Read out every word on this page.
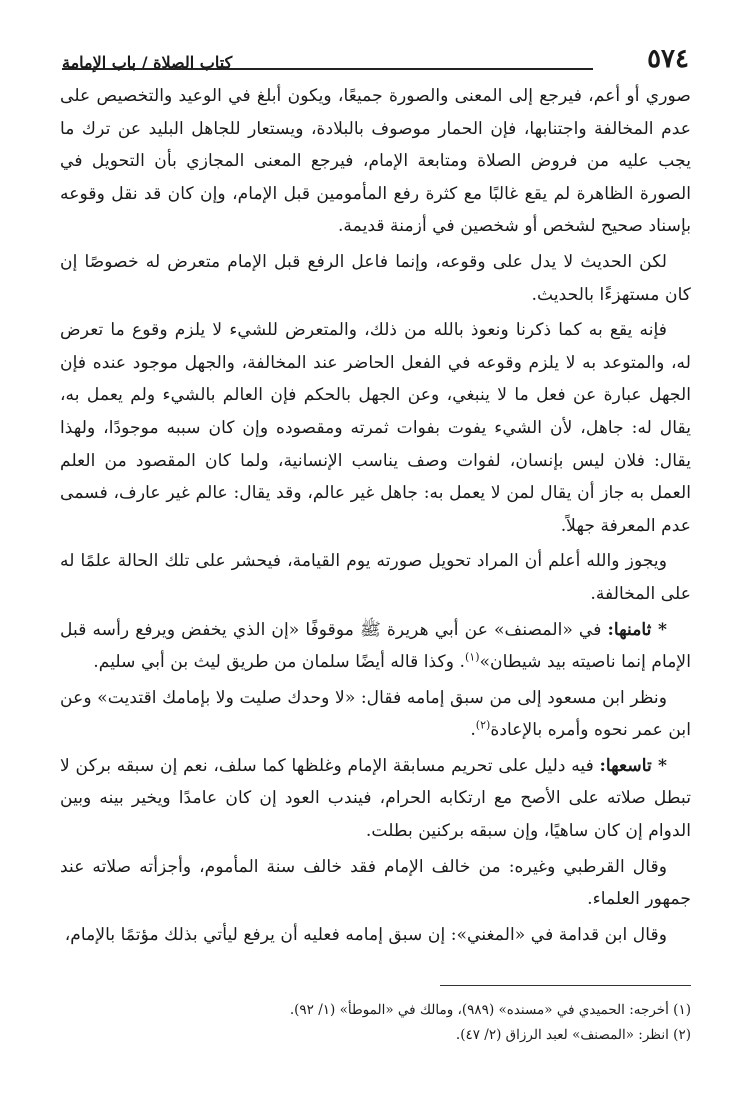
٥٧٤
كتاب الصلاة / باب الإمامة

صوري أو أعم، فيرجع إلى المعنى والصورة جميعًا، ويكون أبلغ في الوعيد والتخصيص على عدم المخالفة واجتنابها، فإن الحمار موصوف بالبلادة، ويستعار للجاهل البليد عن ترك ما يجب عليه من فروض الصلاة ومتابعة الإمام، فيرجع المعنى المجازي بأن التحويل في الصورة الظاهرة لم يقع غالبًا مع كثرة رفع المأمومين قبل الإمام، وإن كان قد نقل وقوعه بإسناد صحيح لشخص أو شخصين في أزمنة قديمة.

لكن الحديث لا يدل على وقوعه، وإنما فاعل الرفع قبل الإمام متعرض له خصوصًا إن كان مستهزءًا بالحديث.

فإنه يقع به كما ذكرنا ونعوذ بالله من ذلك، والمتعرض للشيء لا يلزم وقوع ما تعرض له، والمتوعد به لا يلزم وقوعه في الفعل الحاضر عند المخالفة، والجهل موجود عنده فإن الجهل عبارة عن فعل ما لا ينبغي، وعن الجهل بالحكم فإن العالم بالشيء ولم يعمل به، يقال له: جاهل، لأن الشيء يفوت بفوات ثمرته ومقصوده وإن كان سببه موجودًا، ولهذا يقال: فلان ليس بإنسان، لفوات وصف يناسب الإنسانية، ولما كان المقصود من العلم العمل به جاز أن يقال لمن لا يعمل به: جاهل غير عالم، وقد يقال: عالم غير عارف، فسمى عدم المعرفة جهلاً.

ويجوز والله أعلم أن المراد تحويل صورته يوم القيامة، فيحشر على تلك الحالة علمًا له على المخالفة.

* ثامنها: في «المصنف» عن أبي هريرة ﷺ موقوفًا «إن الذي يخفض ويرفع رأسه قبل الإمام إنما ناصيته بيد شيطان»$^{(١)}$. وكذا قاله أيضًا سلمان من طريق ليث بن أبي سليم.

ونظر ابن مسعود إلى من سبق إمامه فقال: «لا وحدك صليت ولا بإمامك اقتديت» وعن ابن عمر نحوه وأمره بالإعادة$^{(٢)}$.

* تاسعها: فيه دليل على تحريم مسابقة الإمام وغلظها كما سلف، نعم إن سبقه بركن لا تبطل صلاته على الأصح مع ارتكابه الحرام، فيندب العود إن كان عامدًا ويخير بينه وبين الدوام إن كان ساهيًا، وإن سبقه بركنين بطلت.

وقال القرطبي وغيره: من خالف الإمام فقد خالف سنة المأموم، وأجزأته صلاته عند جمهور العلماء.

وقال ابن قدامة في «المغني»: إن سبق إمامه فعليه أن يرفع ليأتي بذلك مؤتمًا بالإمام،

(١) أخرجه: الحميدي في «مسنده» (٩٨٩)، ومالك في «الموطأ» (١/ ٩٢).
(٢) انظر: «المصنف» لعبد الرزاق (٢/ ٤٧).
